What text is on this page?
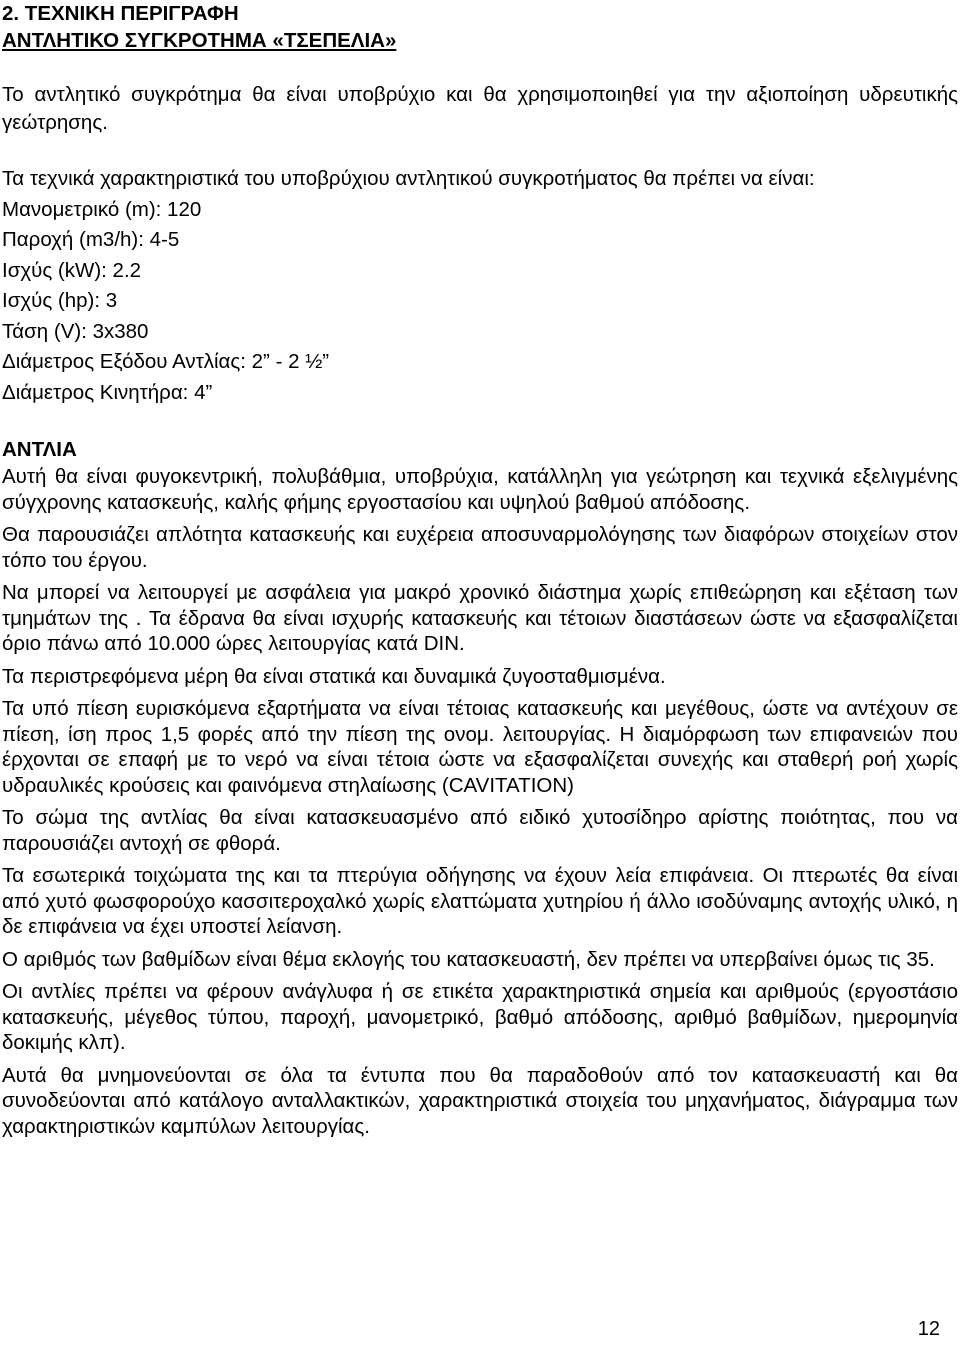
2. ΤΕΧΝΙΚΗ ΠΕΡΙΓΡΑΦΗ

ΑΝΤΛΗΤΙΚΟ ΣΥΓΚΡΟΤΗΜΑ «ΤΣΕΠΕΛΙΑ»

Το αντλητικό συγκρότημα θα είναι υποβρύχιο και θα χρησιμοποιηθεί για την αξιοποίηση υδρευτικής γεώτρησης.

Τα τεχνικά χαρακτηριστικά του υποβρύχιου αντλητικού συγκροτήματος θα πρέπει να είναι:

Μανομετρικό (m): 120

Παροχή (m3/h): 4-5

Ισχύς (kW): 2.2

Ισχύς (hp): 3

Τάση (V): 3x380

Διάμετρος Εξόδου Αντλίας: 2” - 2 ½”

Διάμετρος Κινητήρα: 4”

ΑΝΤΛΙΑ

Αυτή θα είναι φυγοκεντρική, πολυβάθμια, υποβρύχια, κατάλληλη για γεώτρηση και τεχνικά εξελιγμένης σύγχρονης κατασκευής, καλής φήμης εργοστασίου και υψηλού βαθμού απόδοσης.

Θα παρουσιάζει απλότητα κατασκευής και ευχέρεια αποσυναρμολόγησης των διαφόρων στοιχείων στον τόπο του έργου.

Να μπορεί να λειτουργεί με ασφάλεια για μακρό χρονικό διάστημα χωρίς επιθεώρηση και εξέταση των τμημάτων της . Τα έδρανα θα είναι ισχυρής κατασκευής και τέτοιων διαστάσεων ώστε να εξασφαλίζεται όριο πάνω από 10.000 ώρες λειτουργίας κατά DIN.

Τα περιστρεφόμενα μέρη θα είναι στατικά και δυναμικά ζυγοσταθμισμένα.

Τα υπό πίεση ευρισκόμενα εξαρτήματα να είναι τέτοιας κατασκευής και μεγέθους, ώστε να αντέχουν σε πίεση, ίση προς 1,5 φορές από την πίεση της ονομ. λειτουργίας. Η διαμόρφωση των επιφανειών που έρχονται σε επαφή με το νερό να είναι τέτοια ώστε να εξασφαλίζεται συνεχής και σταθερή ροή χωρίς υδραυλικές κρούσεις και φαινόμενα στηλαίωσης (CAVITATION)

Το σώμα της αντλίας θα είναι κατασκευασμένο από ειδικό χυτοσίδηρο αρίστης ποιότητας, που να παρουσιάζει αντοχή σε φθορά.

Τα εσωτερικά τοιχώματα της και τα πτερύγια οδήγησης να έχουν λεία επιφάνεια. Οι πτερωτές θα είναι από χυτό φωσφορούχο κασσιτεροχαλκό χωρίς ελαττώματα χυτηρίου ή άλλο ισοδύναμης αντοχής υλικό, η δε επιφάνεια να έχει υποστεί λείανση.

Ο αριθμός των βαθμίδων είναι θέμα εκλογής του κατασκευαστή, δεν πρέπει να υπερβαίνει όμως τις 35.

Οι αντλίες πρέπει να φέρουν ανάγλυφα ή σε ετικέτα χαρακτηριστικά σημεία και αριθμούς (εργοστάσιο κατασκευής, μέγεθος τύπου, παροχή, μανομετρικό, βαθμό απόδοσης, αριθμό βαθμίδων, ημερομηνία δοκιμής κλπ).

Αυτά θα μνημονεύονται σε όλα τα έντυπα που θα παραδοθούν από τον κατασκευαστή και θα συνοδεύονται από κατάλογο ανταλλακτικών, χαρακτηριστικά στοιχεία του μηχανήματος, διάγραμμα των χαρακτηριστικών καμπύλων λειτουργίας.

12
